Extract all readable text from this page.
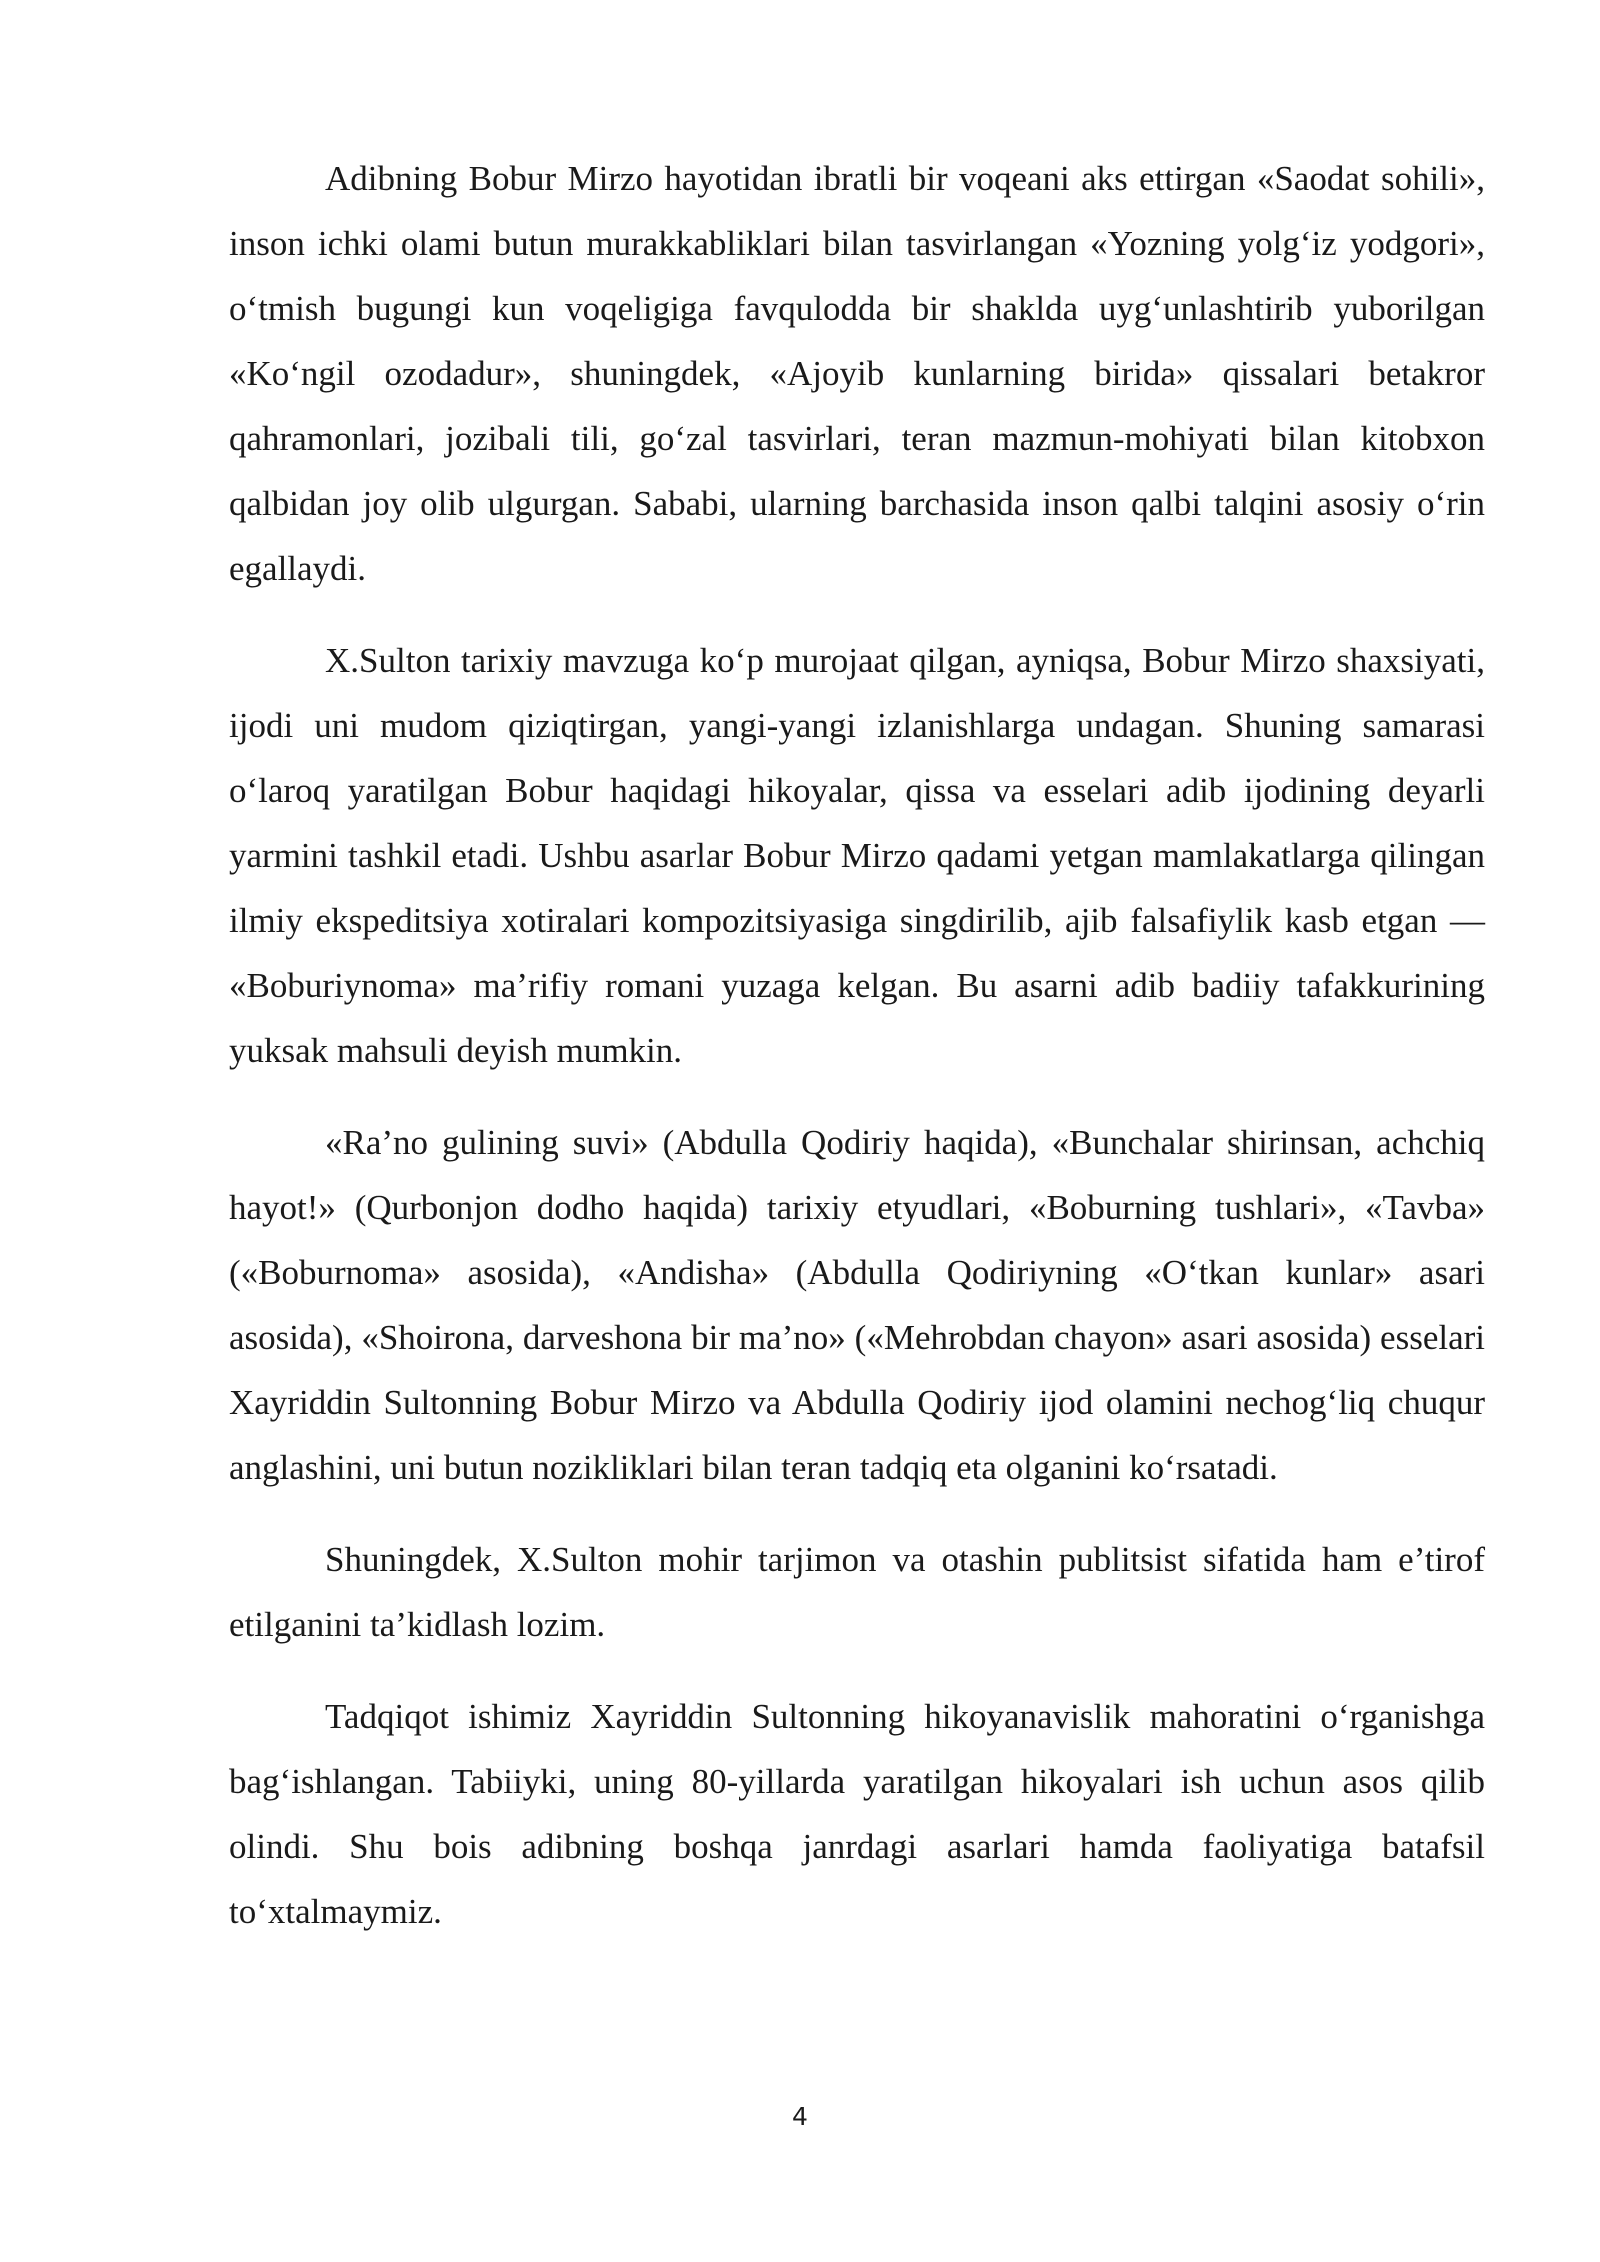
Adibning Bobur Mirzo hayotidan ibratli bir voqeani aks ettirgan «Saodat sohili», inson ichki olami butun murakkabliklari bilan tasvirlangan «Yozning yolg‘iz yodgori», o‘tmish bugungi kun voqeligiga favqulodda bir shaklda uyg‘unlashtirib yuborilgan «Ko‘ngil ozodadur», shuningdek, «Ajoyib kunlarning birida» qissalari betakror qahramonlari, jozibali tili, go‘zal tasvirlari, teran mazmun-mohiyati bilan kitobxon qalbidan joy olib ulgurgan. Sababi, ularning barchasida inson qalbi talqini asosiy o‘rin egallaydi.

X.Sulton tarixiy mavzuga ko‘p murojaat qilgan, ayniqsa, Bobur Mirzo shaxsiyati, ijodi uni mudom qiziqtirgan, yangi-yangi izlanishlarga undagan. Shuning samarasi o‘laroq yaratilgan Bobur haqidagi hikoyalar, qissa va esselari adib ijodining deyarli yarmini tashkil etadi. Ushbu asarlar Bobur Mirzo qadami yetgan mamlakatlarga qilingan ilmiy ekspeditsiya xotiralari kompozitsiyasiga singdirilib, ajib falsafiylik kasb etgan — «Boburiynoma» ma’rifiy romani yuzaga kelgan. Bu asarni adib badiiy tafakkurining yuksak mahsuli deyish mumkin.

«Ra’no gulining suvi» (Abdulla Qodiriy haqida), «Bunchalar shirinsan, achchiq hayot!» (Qurbonjon dodho haqida) tarixiy etyudlari, «Boburning tushlari», «Tavba» («Boburnoma» asosida), «Andisha» (Abdulla Qodiriyning «O‘tkan kunlar» asari asosida), «Shoirona, darveshona bir ma’no» («Mehrobdan chayon» asari asosida) esselari Xayriddin Sultonning Bobur Mirzo va Abdulla Qodiriy ijod olamini nechog‘liq chuqur anglashini, uni butun nozikliklari bilan teran tadqiq eta olganini ko‘rsatadi.

Shuningdek, X.Sulton mohir tarjimon va otashin publitsist sifatida ham e’tirof etilganini ta’kidlash lozim.

Tadqiqot ishimiz Xayriddin Sultonning hikoyanavislik mahoratini o‘rganishga bag‘ishlangan. Tabiiyki, uning 80-yillarda yaratilgan hikoyalari ish uchun asos qilib olindi. Shu bois adibning boshqa janrdagi asarlari hamda faoliyatiga batafsil to‘xtalmaymiz.

4
